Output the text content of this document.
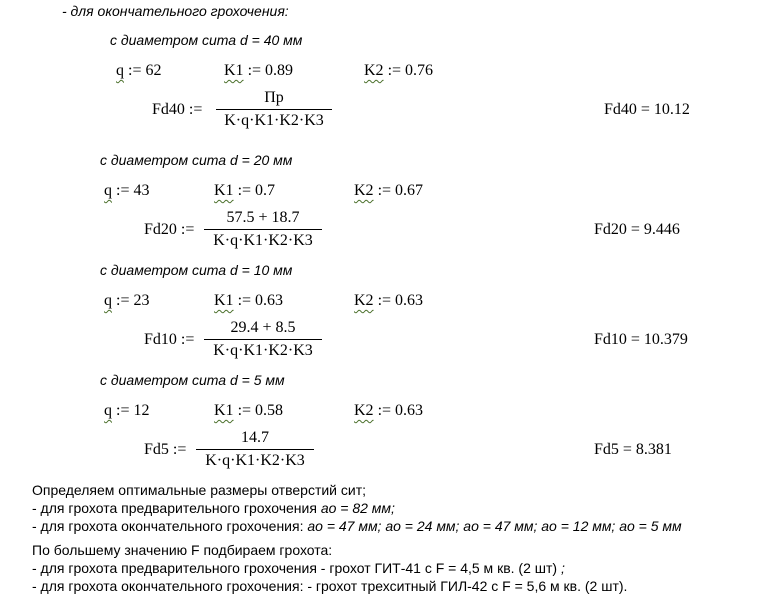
- для окончательного грохочения:
с диаметром сита d = 40 мм
q := 62	K1 := 0.89	K2 := 0.76
Fd40 :=
Пр
K·q·K1·K2·K3
Fd40 = 10.12
с диаметром сита d = 20 мм
q := 43	K1 := 0.7	K2 := 0.67
Fd20 :=
57.5 + 18.7
K·q·K1·K2·K3
Fd20 = 9.446
с диаметром сита d = 10 мм
q := 23	K1 := 0.63	K2 := 0.63
Fd10 :=
29.4 + 8.5
K·q·K1·K2·K3
Fd10 = 10.379
с диаметром сита d = 5 мм
q := 12	K1 := 0.58	K2 := 0.63
Fd5 :=
14.7
K·q·K1·K2·K3
Fd5 = 8.381
Определяем оптимальные размеры отверстий сит;
- для грохота предварительного грохочения ао = 82 мм;
- для грохота окончательного грохочения: ао = 47 мм; ао = 24 мм; ао = 47 мм; ао = 12 мм; ао = 5 мм
По большему значению F подбираем грохота:
- для грохота предварительного грохочения - грохот ГИТ-41 с F = 4,5 м кв. (2 шт) ;
- для грохота окончательного грохочения: - грохот трехситный ГИЛ-42 с F = 5,6 м кв. (2 шт).
